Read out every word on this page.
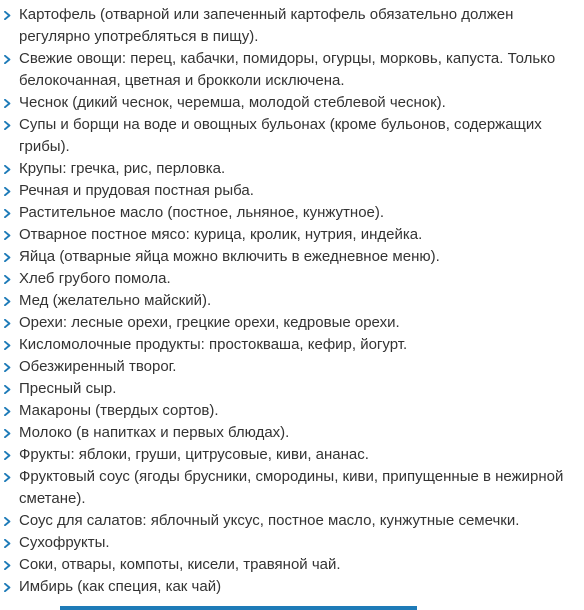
Картофель (отварной или запеченный картофель обязательно должен регулярно употребляться в пищу).
Свежие овощи: перец, кабачки, помидоры, огурцы, морковь, капуста. Только белокочанная, цветная и брокколи исключена.
Чеснок (дикий чеснок, черемша, молодой стеблевой чеснок).
Супы и борщи на воде и овощных бульонах (кроме бульонов, содержащих грибы).
Крупы: гречка, рис, перловка.
Речная и прудовая постная рыба.
Растительное масло (постное, льняное, кунжутное).
Отварное постное мясо: курица, кролик, нутрия, индейка.
Яйца (отварные яйца можно включить в ежедневное меню).
Хлеб грубого помола.
Мед (желательно майский).
Орехи: лесные орехи, грецкие орехи, кедровые орехи.
Кисломолочные продукты: простокваша, кефир, йогурт.
Обезжиренный творог.
Пресный сыр.
Макароны (твердых сортов).
Молоко (в напитках и первых блюдах).
Фрукты: яблоки, груши, цитрусовые, киви, ананас.
Фруктовый соус (ягоды брусники, смородины, киви, припущенные в нежирной сметане).
Соус для салатов: яблочный уксус, постное масло, кунжутные семечки.
Сухофрукты.
Соки, отвары, компоты, кисели, травяной чай.
Имбирь (как специя, как чай)
